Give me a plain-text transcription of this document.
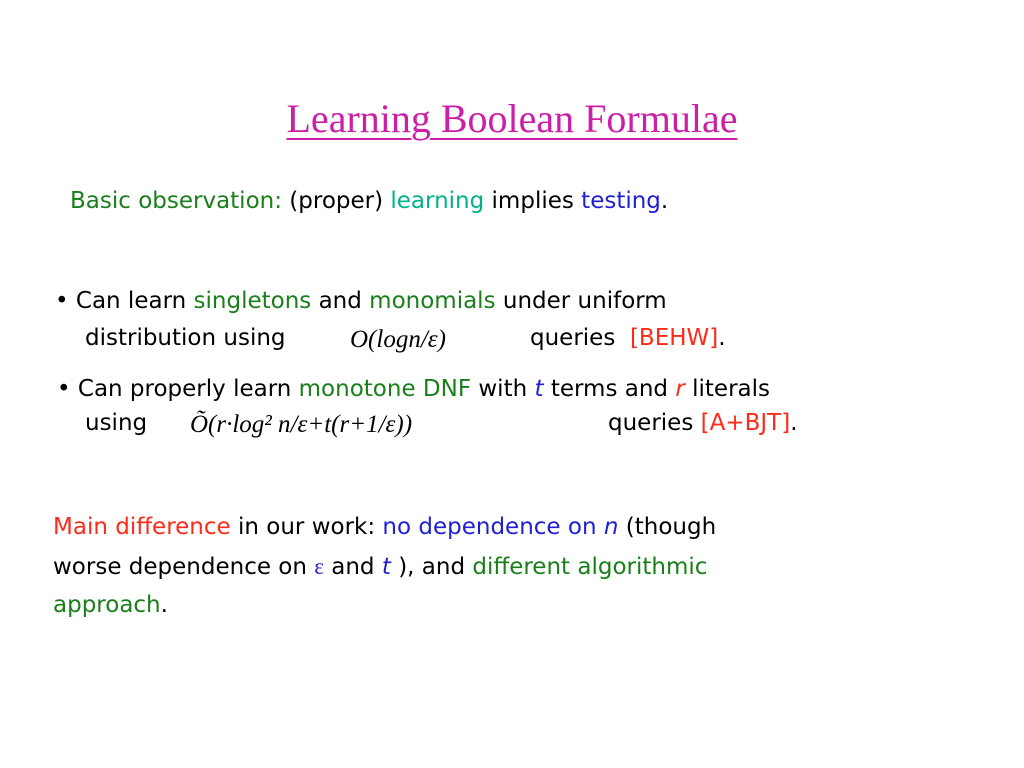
Learning Boolean Formulae
Basic observation: (proper) learning implies testing.
• Can learn singletons and monomials under uniform
distribution using	O(logn/ε)	queries [BEHW].
• Can properly learn monotone DNF with t terms and r literals
using Õ(r·log² n/ε+t(r+1/ε))	queries [A+BJT].
Main difference in our work: no dependence on n (though
worse dependence on ε and t ), and different algorithmic
approach.
